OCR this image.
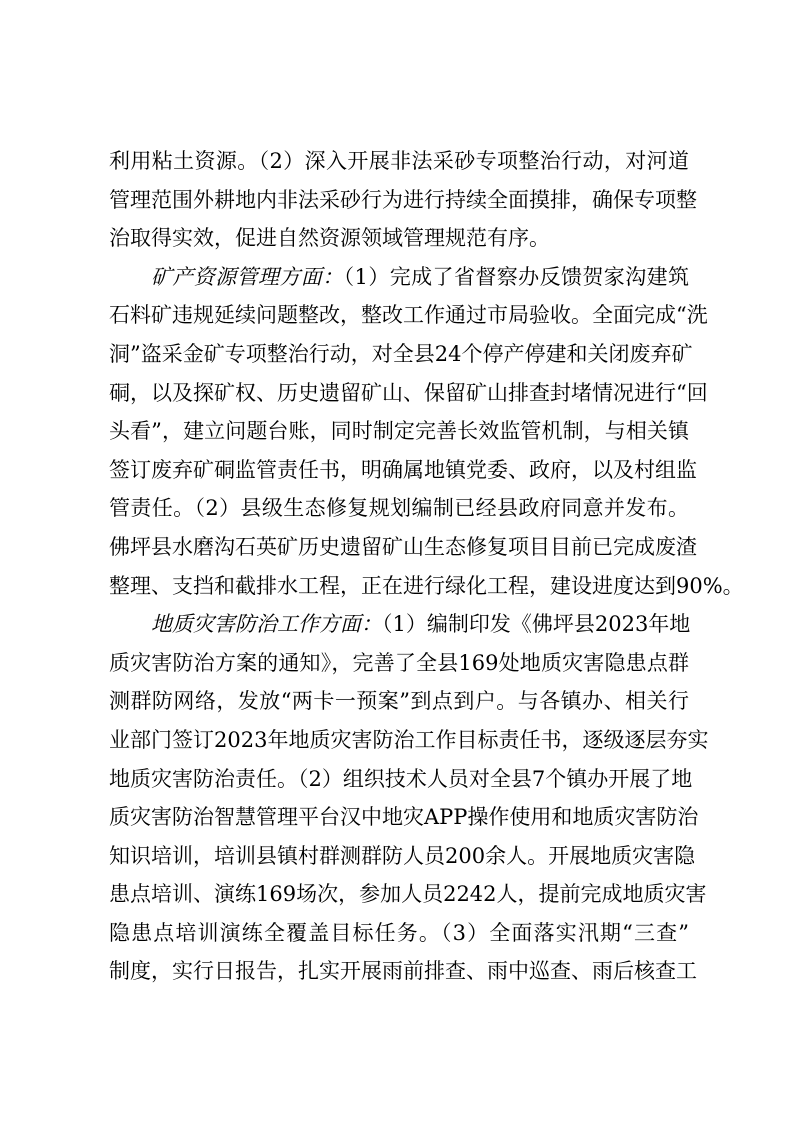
利用粘土资源。（2）深入开展非法采砂专项整治行动，对河道
管理范围外耕地内非法采砂行为进行持续全面摸排，确保专项整
治取得实效，促进自然资源领域管理规范有序。
矿产资源管理方面：（1）完成了省督察办反馈贺家沟建筑
石料矿违规延续问题整改，整改工作通过市局验收。全面完成“洗
洞”盗采金矿专项整治行动，对全县24个停产停建和关闭废弃矿
硐，以及探矿权、历史遗留矿山、保留矿山排查封堵情况进行“回
头看”，建立问题台账，同时制定完善长效监管机制，与相关镇
签订废弃矿硐监管责任书，明确属地镇党委、政府，以及村组监
管责任。（2）县级生态修复规划编制已经县政府同意并发布。
佛坪县水磨沟石英矿历史遗留矿山生态修复项目目前已完成废渣
整理、支挡和截排水工程，正在进行绿化工程，建设进度达到90%。
地质灾害防治工作方面：（1）编制印发《佛坪县2023年地
质灾害防治方案的通知》，完善了全县169处地质灾害隐患点群
测群防网络，发放“两卡一预案”到点到户。与各镇办、相关行
业部门签订2023年地质灾害防治工作目标责任书，逐级逐层夯实
地质灾害防治责任。（2）组织技术人员对全县7个镇办开展了地
质灾害防治智慧管理平台汉中地灾APP操作使用和地质灾害防治
知识培训，培训县镇村群测群防人员200余人。开展地质灾害隐
患点培训、演练169场次，参加人员2242人，提前完成地质灾害
隐患点培训演练全覆盖目标任务。（3）全面落实汛期“三查”
制度，实行日报告，扎实开展雨前排查、雨中巡查、雨后核查工
